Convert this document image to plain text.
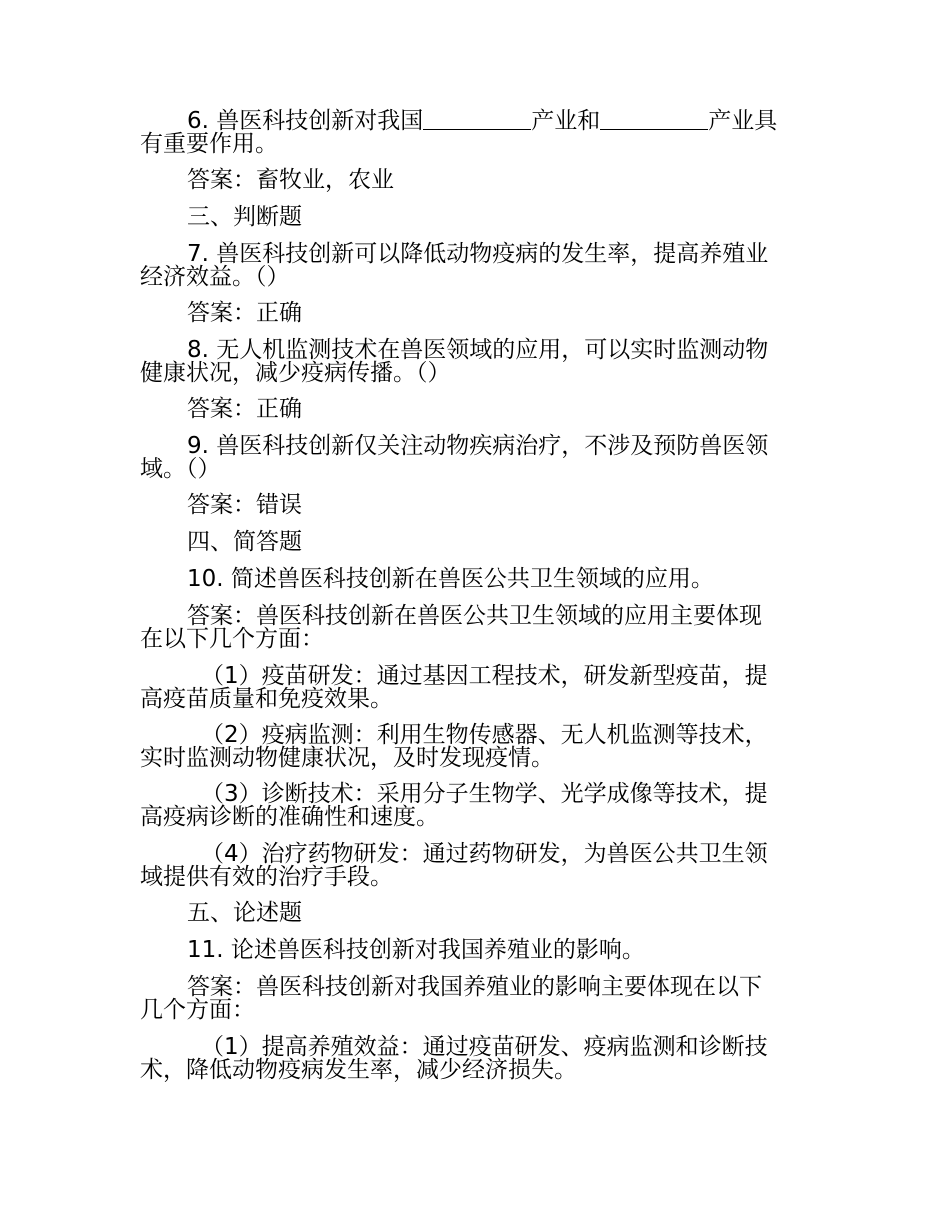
6. 兽医科技创新对我国	产业和	产业具

有重要作用。

答案：畜牧业，农业

三、判断题

7. 兽医科技创新可以降低动物疫病的发生率，提高养殖业

经济效益。（）

答案：正确

8. 无人机监测技术在兽医领域的应用，可以实时监测动物

健康状况，减少疫病传播。（）

答案：正确

9. 兽医科技创新仅关注动物疾病治疗，不涉及预防兽医领

域。（）

答案：错误

四、简答题

10. 简述兽医科技创新在兽医公共卫生领域的应用。

答案：兽医科技创新在兽医公共卫生领域的应用主要体现

在以下几个方面：

（1）疫苗研发：通过基因工程技术，研发新型疫苗，提

高疫苗质量和免疫效果。

（2）疫病监测：利用生物传感器、无人机监测等技术，

实时监测动物健康状况，及时发现疫情。

（3）诊断技术：采用分子生物学、光学成像等技术，提

高疫病诊断的准确性和速度。

（4）治疗药物研发：通过药物研发，为兽医公共卫生领

域提供有效的治疗手段。

五、论述题

11. 论述兽医科技创新对我国养殖业的影响。

答案：兽医科技创新对我国养殖业的影响主要体现在以下

几个方面：

（1）提高养殖效益：通过疫苗研发、疫病监测和诊断技

术，降低动物疫病发生率，减少经济损失。
